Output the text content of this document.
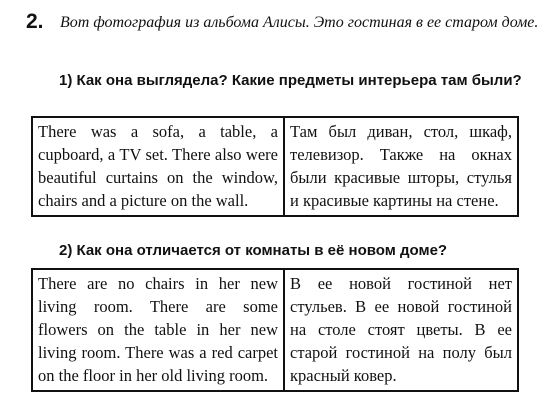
2. Вот фотография из альбома Алисы. Это гостиная в ее старом доме.
1) Как она выглядела? Какие предметы интерьера там были?
There was a sofa, a table, a cupboard, a TV set. There also were beautiful curtains on the window, chairs and a picture on the wall.	Там был диван, стол, шкаф, телевизор. Также на окнах были красивые шторы, стулья и красивые картины на стене.
2) Как она отличается от комнаты в её новом доме?
There are no chairs in her new living room. There are some flowers on the table in her new living room. There was a red carpet on the floor in her old living room.	В ее новой гостиной нет стульев. В ее новой гостиной на столе стоят цветы. В ее старой гостиной на полу был красный ковер.
